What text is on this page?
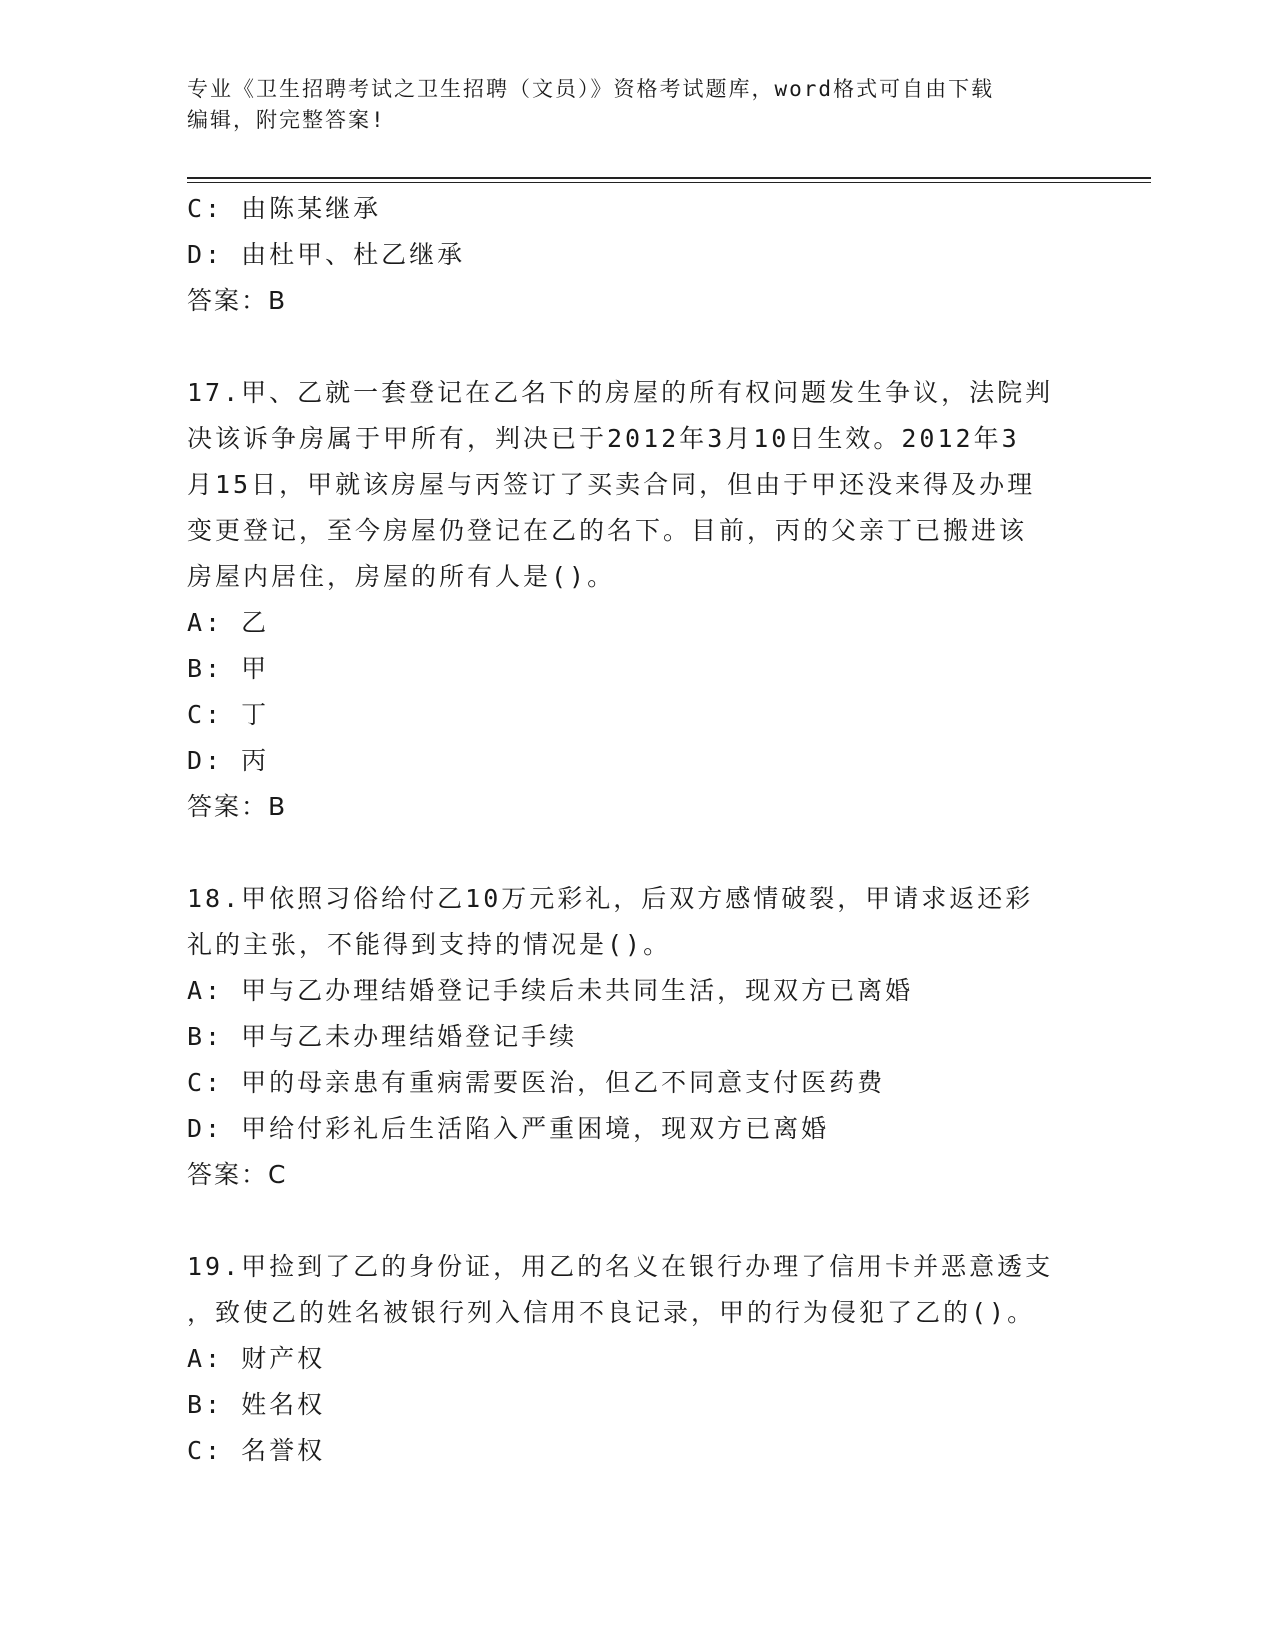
专业《卫生招聘考试之卫生招聘（文员）》资格考试题库，word格式可自由下载
编辑，附完整答案!
C: 由陈某继承
D: 由杜甲、杜乙继承
答案：B
17.甲、乙就一套登记在乙名下的房屋的所有权问题发生争议，法院判
决该诉争房属于甲所有，判决已于2012年3月10日生效。2012年3
月15日，甲就该房屋与丙签订了买卖合同，但由于甲还没来得及办理
变更登记，至今房屋仍登记在乙的名下。目前，丙的父亲丁已搬进该
房屋内居住，房屋的所有人是()。
A: 乙
B: 甲
C: 丁
D: 丙
答案：B
18.甲依照习俗给付乙10万元彩礼，后双方感情破裂，甲请求返还彩
礼的主张，不能得到支持的情况是()。
A: 甲与乙办理结婚登记手续后未共同生活，现双方已离婚
B: 甲与乙未办理结婚登记手续
C: 甲的母亲患有重病需要医治，但乙不同意支付医药费
D: 甲给付彩礼后生活陷入严重困境，现双方已离婚
答案：C
19.甲捡到了乙的身份证，用乙的名义在银行办理了信用卡并恶意透支
，致使乙的姓名被银行列入信用不良记录，甲的行为侵犯了乙的()。
A: 财产权
B: 姓名权
C: 名誉权
